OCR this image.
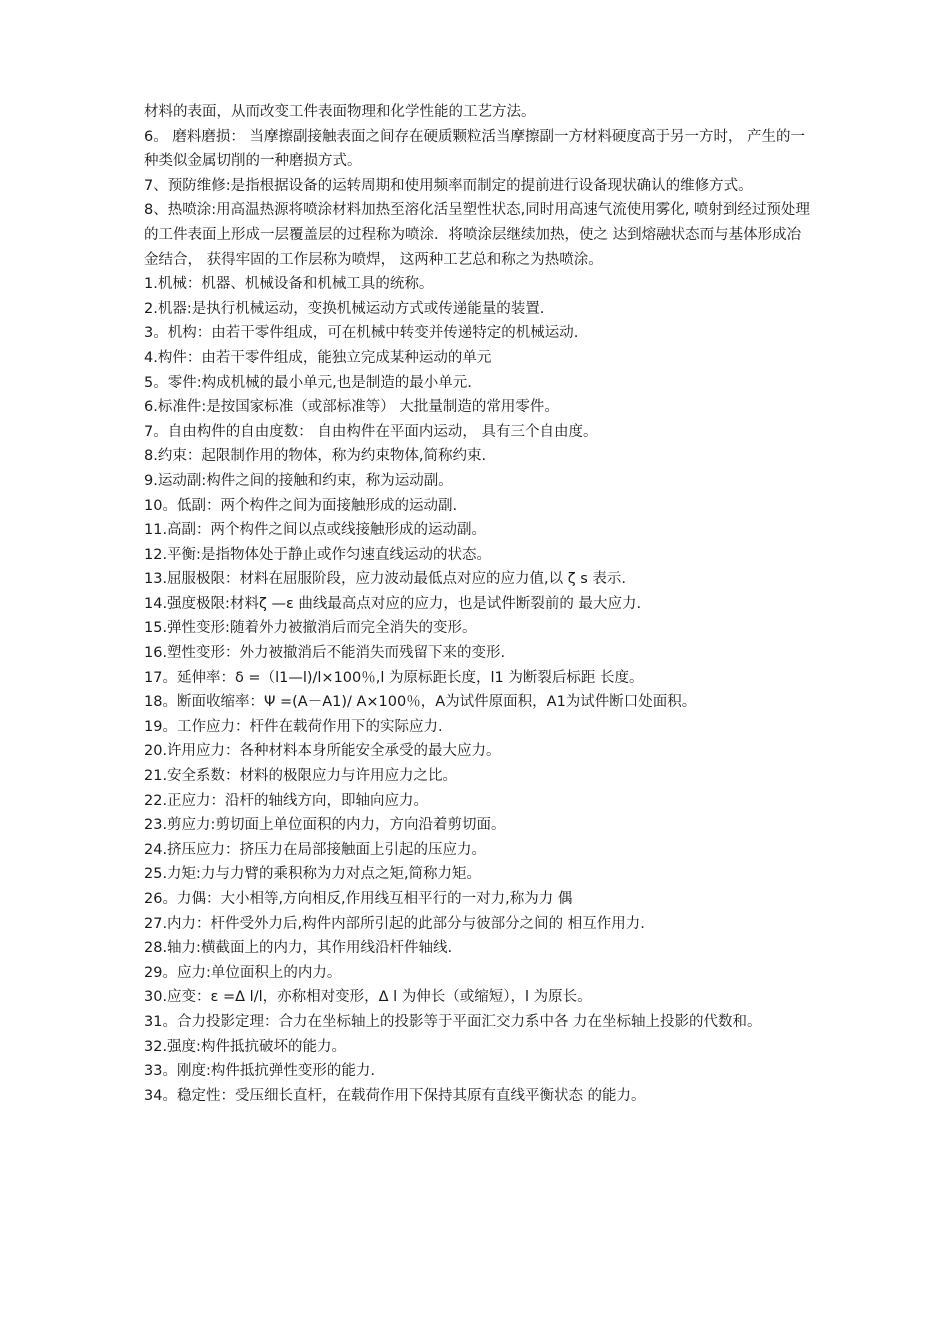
材料的表面，从而改变工件表面物理和化学性能的工艺方法。

6。 磨料磨损： 当摩擦副接触表面之间存在硬质颗粒活当摩擦副一方材料硬度高于另一方时， 产生的一种类似金属切削的一种磨损方式。

7、预防维修:是指根据设备的运转周期和使用频率而制定的提前进行设备现状确认的维修方式。

8、热喷涂:用高温热源将喷涂材料加热至溶化活呈塑性状态,同时用高速气流使用雾化, 喷射到经过预处理的工件表面上形成一层覆盖层的过程称为喷涂．将喷涂层继续加热，使之 达到熔融状态而与基体形成冶金结合， 获得牢固的工作层称为喷焊， 这两种工艺总和称之为热喷涂。

1.机械：机器、机械设备和机械工具的统称。

2.机器:是执行机械运动，变换机械运动方式或传递能量的装置.

3。机构：由若干零件组成，可在机械中转变并传递特定的机械运动.

4.构件：由若干零件组成，能独立完成某种运动的单元

5。零件:构成机械的最小单元,也是制造的最小单元.

6.标准件:是按国家标准（或部标准等） 大批量制造的常用零件。

7。自由构件的自由度数： 自由构件在平面内运动， 具有三个自由度。

8.约束：起限制作用的物体，称为约束物体,简称约束.

9.运动副:构件之间的接触和约束，称为运动副。

10。低副：两个构件之间为面接触形成的运动副.

11.高副：两个构件之间以点或线接触形成的运动副。

12.平衡:是指物体处于静止或作匀速直线运动的状态。

13.屈服极限：材料在屈服阶段，应力波动最低点对应的应力值,以 ζ s 表示.

14.强度极限:材料ζ —ε 曲线最高点对应的应力，也是试件断裂前的 最大应力.

15.弹性变形:随着外力被撤消后而完全消失的变形。

16.塑性变形：外力被撤消后不能消失而残留下来的变形.

17。延伸率：δ =（l1—l)/l×100％,l 为原标距长度，l1 为断裂后标距 长度。

18。断面收缩率：Ψ =(Α－Α1)/ Α×100％，Α为试件原面积，Α1为试件断口处面积。

19。工作应力：杆件在载荷作用下的实际应力.

20.许用应力：各种材料本身所能安全承受的最大应力。

21.安全系数：材料的极限应力与许用应力之比。

22.正应力：沿杆的轴线方向，即轴向应力。

23.剪应力:剪切面上单位面积的内力，方向沿着剪切面。

24.挤压应力：挤压力在局部接触面上引起的压应力。

25.力矩:力与力臂的乘积称为力对点之矩,简称力矩。

26。力偶：大小相等,方向相反,作用线互相平行的一对力,称为力 偶

27.内力：杆件受外力后,构件内部所引起的此部分与彼部分之间的 相互作用力.

28.轴力:横截面上的内力，其作用线沿杆件轴线.

29。应力:单位面积上的内力。

30.应变：ε =Δ l/l，亦称相对变形，Δ l 为伸长（或缩短），l 为原长。

31。合力投影定理：合力在坐标轴上的投影等于平面汇交力系中各 力在坐标轴上投影的代数和。

32.强度:构件抵抗破坏的能力。

33。刚度:构件抵抗弹性变形的能力.

34。稳定性：受压细长直杆，在载荷作用下保持其原有直线平衡状态 的能力。
